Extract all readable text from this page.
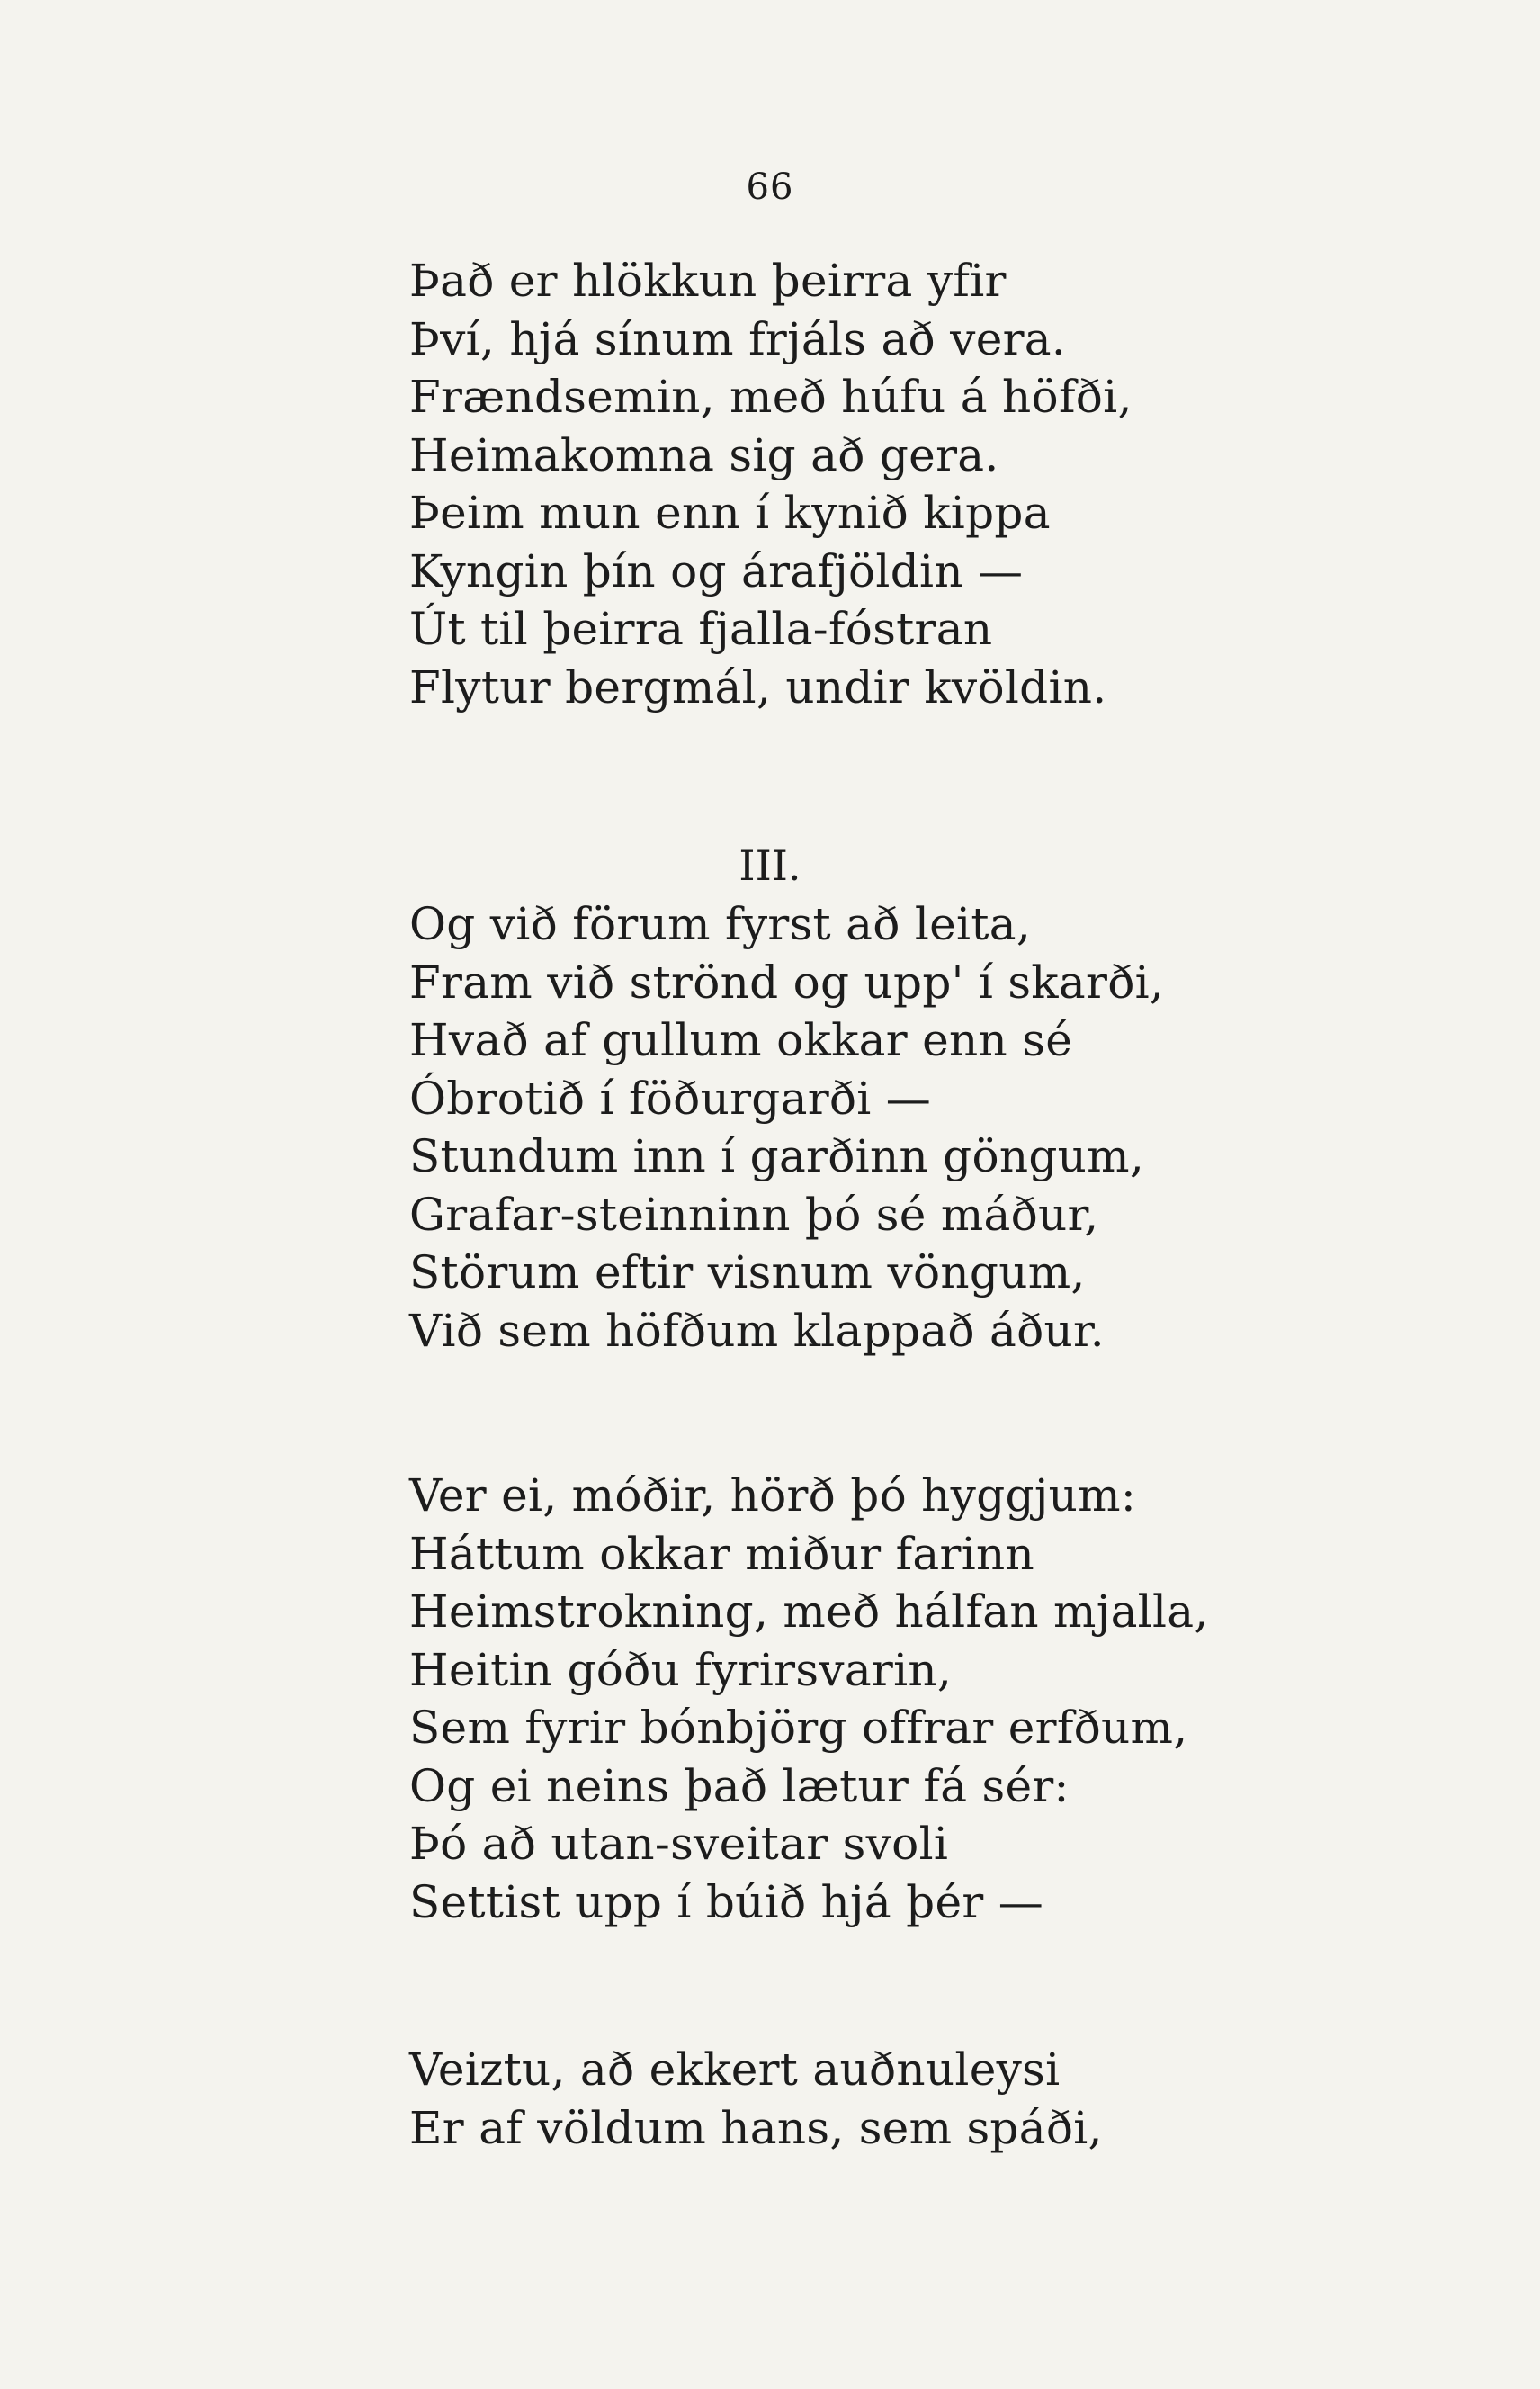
66
Það er hlökkun þeirra yfir
Því, hjá sínum frjáls að vera.
Frændsemin, með húfu á höfði,
Heimakomna sig að gera.
Þeim mun enn í kynið kippa
Kyngin þín og árafjöldin —
Út til þeirra fjalla-fóstran
Flytur bergmál, undir kvöldin.
III.
Og við förum fyrst að leita,
Fram við strönd og upp' í skarði,
Hvað af gullum okkar enn sé
Óbrotið í föðurgarði —
Stundum inn í garðinn göngum,
Grafar-steinninn þó sé máður,
Störum eftir visnum vöngum,
Við sem höfðum klappað áður.
Ver ei, móðir, hörð þó hyggjum:
Háttum okkar miður farinn
Heimstrokning, með hálfan mjalla,
Heitin góðu fyrirsvarin,
Sem fyrir bónbjörg offrar erfðum,
Og ei neins það lætur fá sér:
Þó að utan-sveitar svoli
Settist upp í búið hjá þér —
Veiztu, að ekkert auðnuleysi
Er af völdum hans, sem spáði,
